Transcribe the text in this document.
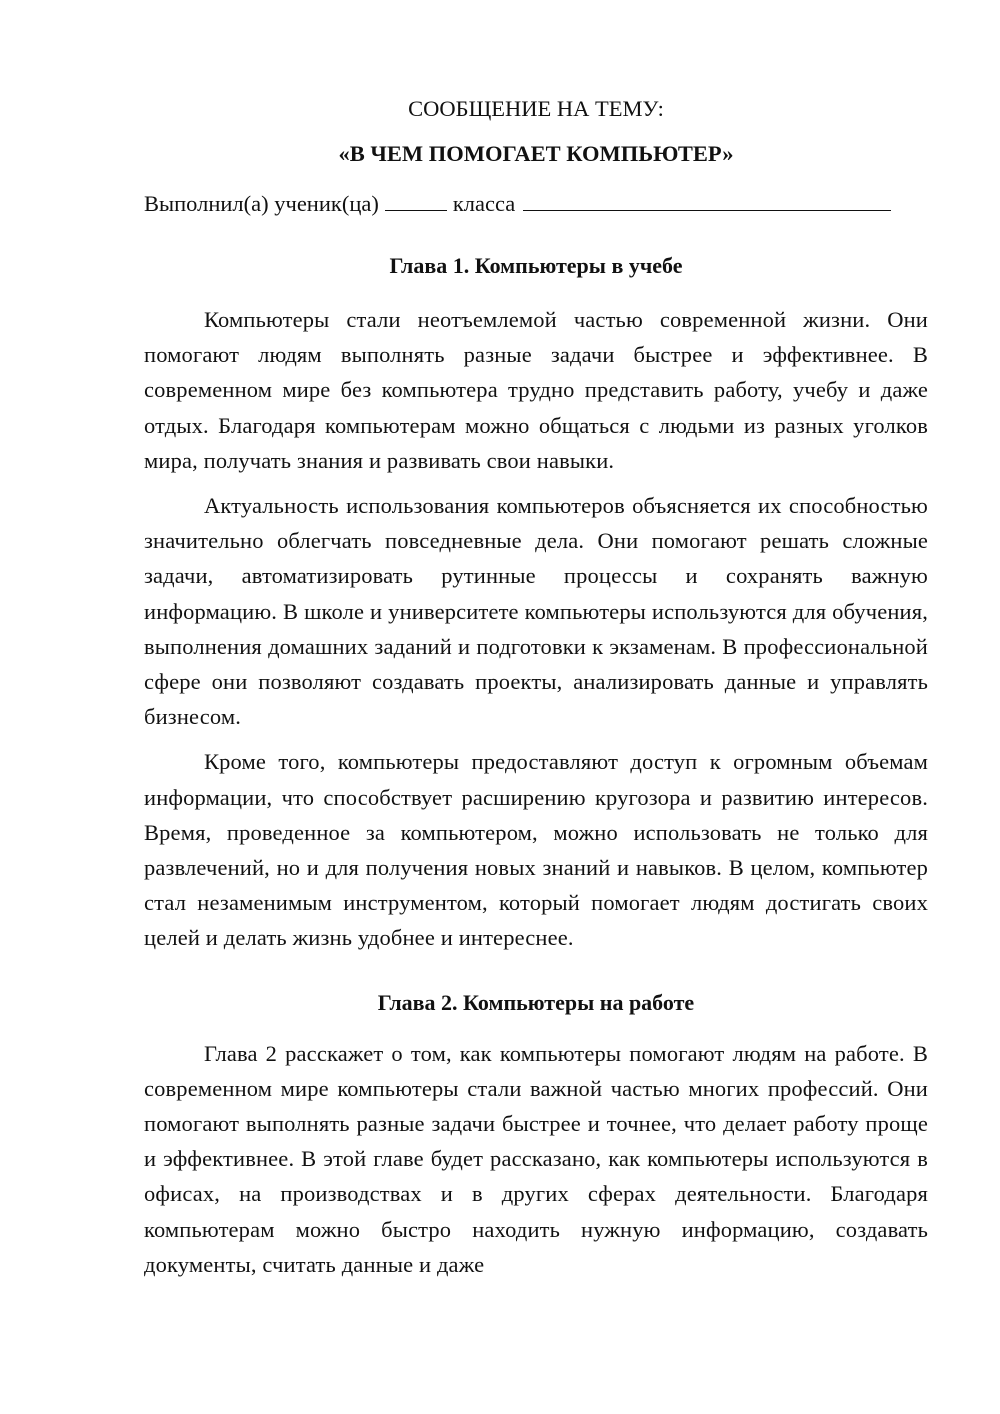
СООБЩЕНИЕ НА ТЕМУ:

«В ЧЕМ ПОМОГАЕТ КОМПЬЮТЕР»

Выполнил(а) ученик(ца)	класса

Глава 1. Компьютеры в учебе

Компьютеры стали неотъемлемой частью современной жизни. Они помогают людям выполнять разные задачи быстрее и эффективнее. В современном мире без компьютера трудно представить работу, учебу и даже отдых. Благодаря компьютерам можно общаться с людьми из разных уголков мира, получать знания и развивать свои навыки.

Актуальность использования компьютеров объясняется их способностью значительно облегчать повседневные дела. Они помогают решать сложные задачи, автоматизировать рутинные процессы и сохранять важную информацию. В школе и университете компьютеры используются для обучения, выполнения домашних заданий и подготовки к экзаменам. В профессиональной сфере они позволяют создавать проекты, анализировать данные и управлять бизнесом.

Кроме того, компьютеры предоставляют доступ к огромным объемам информации, что способствует расширению кругозора и развитию интересов. Время, проведенное за компьютером, можно использовать не только для развлечений, но и для получения новых знаний и навыков. В целом, компьютер стал незаменимым инструментом, который помогает людям достигать своих целей и делать жизнь удобнее и интереснее.

Глава 2. Компьютеры на работе

Глава 2 расскажет о том, как компьютеры помогают людям на работе. В современном мире компьютеры стали важной частью многих профессий. Они помогают выполнять разные задачи быстрее и точнее, что делает работу проще и эффективнее. В этой главе будет рассказано, как компьютеры используются в офисах, на производствах и в других сферах деятельности. Благодаря компьютерам можно быстро находить нужную информацию, создавать документы, считать данные и даже
